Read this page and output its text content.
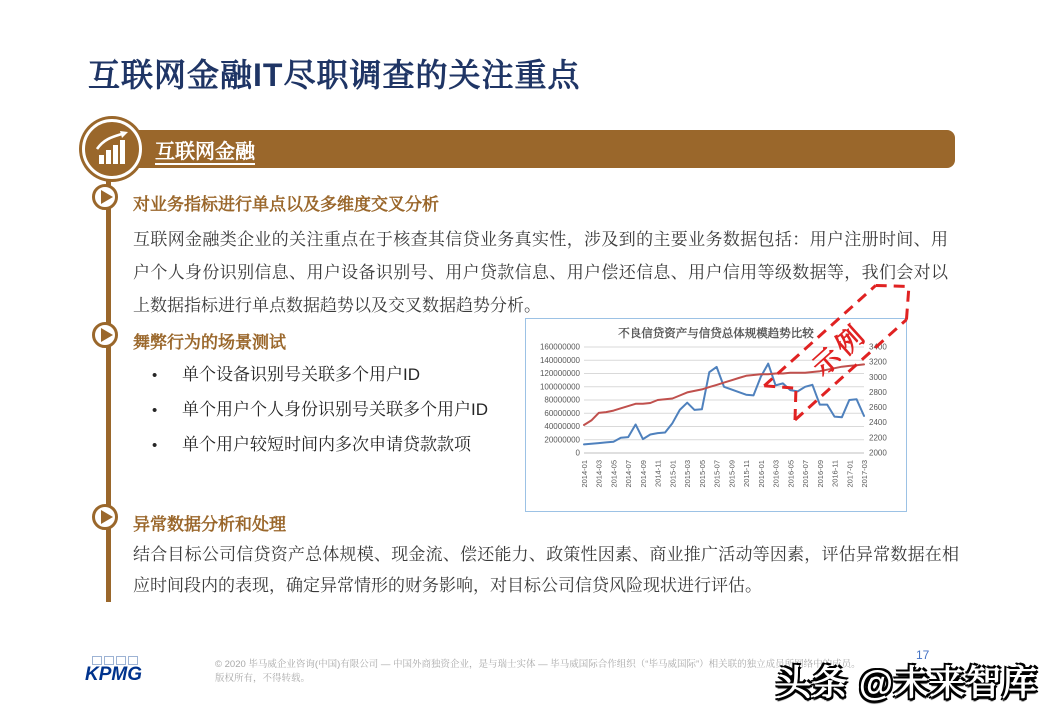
互联网金融IT尽职调查的关注重点
互联网金融
对业务指标进行单点以及多维度交叉分析
互联网金融类企业的关注重点在于核查其信贷业务真实性，涉及到的主要业务数据包括：用户注册时间、用户个人身份识别信息、用户设备识别号、用户贷款信息、用户偿还信息、用户信用等级数据等，我们会对以上数据指标进行单点数据趋势以及交叉数据趋势分析。
舞弊行为的场景测试
•	单个设备识别号关联多个用户ID
•	单个用户个人身份识别号关联多个用户ID
•	单个用户较短时间内多次申请贷款款项
异常数据分析和处理
结合目标公司信贷资产总体规模、现金流、偿还能力、政策性因素、商业推广活动等因素，评估异常数据在相应时间段内的表现，确定异常情形的财务影响，对目标公司信贷风险现状进行评估。
不良信贷资产与信贷总体规模趋势比较
0
20000000
40000000
60000000
80000000
100000000
120000000
140000000
160000000
2000
2200
2400
2600
2800
3000
3200
3400
2014-01 2014-03 2014-05 2014-07 2014-09 2014-11 2015-01 2015-03 2015-05 2015-07 2015-09 2015-11 2016-01 2016-03 2016-05 2016-07 2016-09 2016-11 2017-01 2017-03
示例
KPMG	© 2020 毕马威企业咨询(中国)有限公司 — 中国外商独资企业，是与瑞士实体 — 毕马威国际合作组织（“毕马威国际”）相关联的独立成员所网络中的成员。
版权所有，不得转载。
17
头条 @未来智库
